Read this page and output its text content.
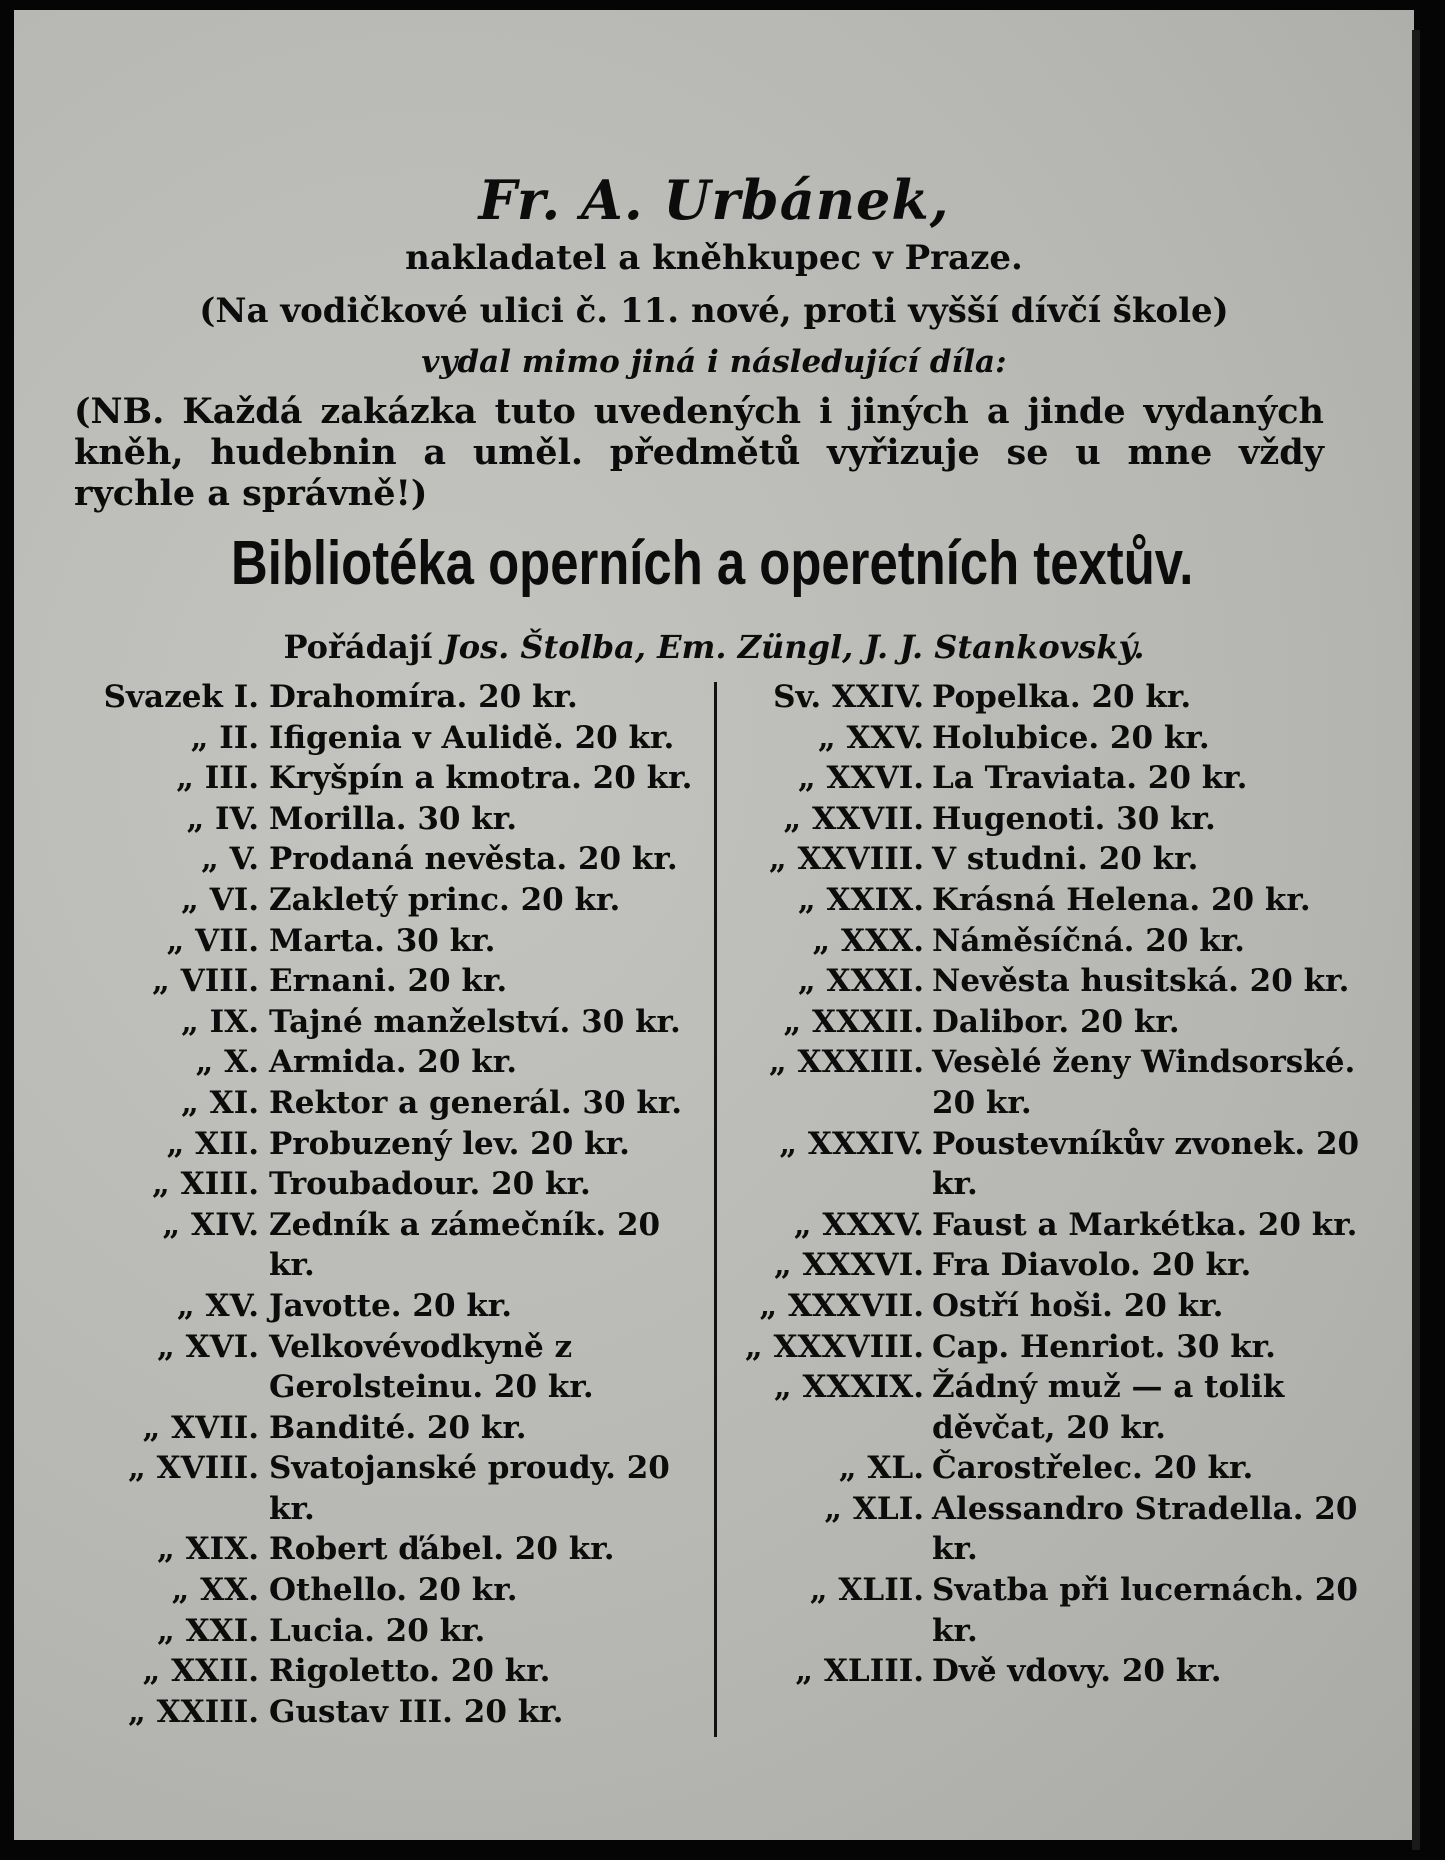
Fr. A. Urbánek,
nakladatel a kněhkupec v Praze.
(Na vodičkové ulici č. 11. nové, proti vyšší dívčí škole)
vydal mimo jiná i následující díla:
(NB. Každá zakázka tuto uvedených i jiných a jinde vydaných kněh, hudebnin a uměl. předmětů vyřizuje se u mne vždy rychle a správně!)
Bibliotéka operních a operetních textův.
Pořádají Jos. Štolba, Em. Züngl, J. J. Stankovský.
Svazek I. Drahomíra. 20 kr.
„ II. Ifigenia v Aulidě. 20 kr.
„ III. Kryšpín a kmotra. 20 kr.
„ IV. Morilla. 30 kr.
„ V. Prodaná nevěsta. 20 kr.
„ VI. Zakletý princ. 20 kr.
„ VII. Marta. 30 kr.
„ VIII. Ernani. 20 kr.
„ IX. Tajné manželství. 30 kr.
„ X. Armida. 20 kr.
„ XI. Rektor a generál. 30 kr.
„ XII. Probuzený lev. 20 kr.
„ XIII. Troubadour. 20 kr.
„ XIV. Zedník a zámečník. 20 kr.
„ XV. Javotte. 20 kr.
„ XVI. Velkovévodkyně z Gerolsteinu. 20 kr.
„ XVII. Bandité. 20 kr.
„ XVIII. Svatojanské proudy. 20 kr.
„ XIX. Robert ďábel. 20 kr.
„ XX. Othello. 20 kr.
„ XXI. Lucia. 20 kr.
„ XXII. Rigoletto. 20 kr.
„ XXIII. Gustav III. 20 kr.
Sv. XXIV. Popelka. 20 kr.
„ XXV. Holubice. 20 kr.
„ XXVI. La Traviata. 20 kr.
„ XXVII. Hugenoti. 30 kr.
„ XXVIII. V studni. 20 kr.
„ XXIX. Krásná Helena. 20 kr.
„ XXX. Náměsíčná. 20 kr.
„ XXXI. Nevěsta husitská. 20 kr.
„ XXXII. Dalibor. 20 kr.
„ XXXIII. Vesèlé ženy Windsorské. 20 kr.
„ XXXIV. Poustevníkův zvonek. 20 kr.
„ XXXV. Faust a Markétka. 20 kr.
„ XXXVI. Fra Diavolo. 20 kr.
„ XXXVII. Ostří hoši. 20 kr.
„ XXXVIII. Cap. Henriot. 30 kr.
„ XXXIX. Žádný muž — a tolik děvčat, 20 kr.
„ XL. Čarostřelec. 20 kr.
„ XLI. Alessandro Stradella. 20 kr.
„ XLII. Svatba při lucernách. 20 kr.
„ XLIII. Dvě vdovy. 20 kr.
